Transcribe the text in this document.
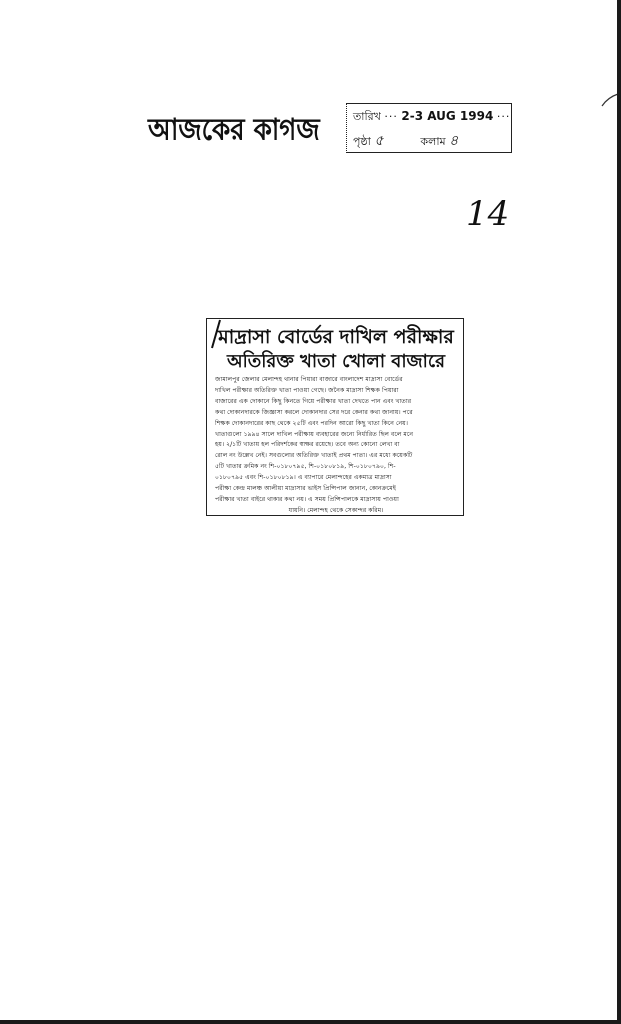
আজকের কাগজ	তারিখ ··· 2-3 AUG 1994 ···
পৃষ্ঠা ৫	কলাম ৪
14
মাদ্রাসা বোর্ডের দাখিল পরীক্ষার
অতিরিক্ত খাতা খোলা বাজারে
জামালপুর জেলার মেলান্দহ থানার পিয়ারা বাজারে বাংলাদেশ মাদ্রাসা বোর্ডের
দাখিল পরীক্ষার অতিরিক্ত খাতা পাওয়া গেছে। জনৈক মাদ্রাসা শিক্ষক পিয়ারা
বাজারের এক দোকানে কিছু কিনতে গিয়ে পরীক্ষার খাতা দেখতে পান এবং খাতার
কথা দোকানদারকে জিজ্ঞাসা করলে দোকানদার সের দরে কেনার কথা জানায়। পরে
শিক্ষক দোকানদারের কাছ থেকে ২৫টি এবং পরদিন আরো কিছু খাতা কিনে নেয়।
খাতাগুলো ১৯৯৪ সালে দাখিল পরীক্ষায় ব্যবহারের জন্যে নির্ধারিত ছিল বলে মনে
হয়। ২/১টি খাতায় হল পরিদর্শকের স্বাক্ষর রয়েছে। তবে অন্য কোনো লেখা বা
রোল নং উল্লেখ নেই। সবগুলোর অতিরিক্ত খাতাই প্রথম পাতা। এর মধ্যে কয়েকটি
৫টি খাতার ক্রমিক নং শি-০১৮০৭৯৫, শি-০১৮০৮১৯, শি-০১৮০৭৯০, শি-
০১৮০৭৯৫ এবং শি-০১৮০৮১৯। এ ব্যাপারে মেলান্দহের একমাত্র মাদ্রাসা
পরীক্ষা কেন্দ্র মালঞ্চ আলীয়া মাদ্রাসার ভাইস প্রিন্সিপাল জানান, কোনক্রমেই
পরীক্ষার খাতা বাইরে থাকার কথা নয়। এ সময় প্রিন্সিপালকে মাদ্রাসায় পাওয়া
যায়নি। মেলান্দহ থেকে সেকান্দর করিম।
